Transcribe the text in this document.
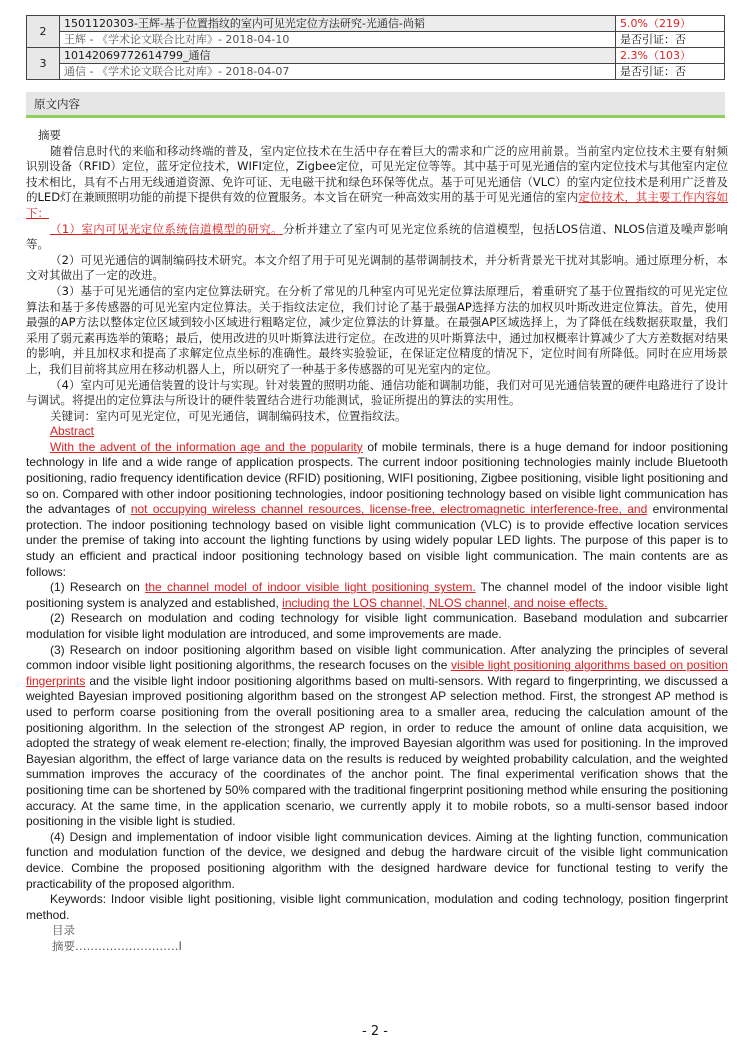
2	1501120303-王辉-基于位置指纹的室内可见光定位方法研究-光通信-尚韬	5.0%（219）
	王辉 - 《学术论文联合比对库》- 2018-04-10	是否引证：否
3	10142069772614799_通信	2.3%（103）
	通信 - 《学术论文联合比对库》- 2018-04-07	是否引证：否
原文内容

摘要

随着信息时代的来临和移动终端的普及，室内定位技术在生活中存在着巨大的需求和广泛的应用前景。当前室内定位技术主要有射频识别设备（RFID）定位，蓝牙定位技术，WIFI定位，Zigbee定位，可见光定位等等。其中基于可见光通信的室内定位技术与其他室内定位技术相比，具有不占用无线通道资源、免许可证、无电磁干扰和绿色环保等优点。基于可见光通信（VLC）的室内定位技术是利用广泛普及的LED灯在兼顾照明功能的前提下提供有效的位置服务。本文旨在研究一种高效实用的基于可见光通信的室内定位技术，其主要工作内容如下：

（1）室内可见光定位系统信道模型的研究。分析并建立了室内可见光定位系统的信道模型，包括LOS信道、NLOS信道及噪声影响等。

（2）可见光通信的调制编码技术研究。本文介绍了用于可见光调制的基带调制技术，并分析背景光干扰对其影响。通过原理分析，本文对其做出了一定的改进。

（3）基于可见光通信的室内定位算法研究。在分析了常见的几种室内可见光定位算法原理后，着重研究了基于位置指纹的可见光定位算法和基于多传感器的可见光室内定位算法。关于指纹法定位，我们讨论了基于最强AP选择方法的加权贝叶斯改进定位算法。首先，使用最强的AP方法以整体定位区域到较小区域进行粗略定位，减少定位算法的计算量。在最强AP区域选择上，为了降低在线数据获取量，我们采用了弱元素再选举的策略；最后，使用改进的贝叶斯算法进行定位。在改进的贝叶斯算法中，通过加权概率计算减少了大方差数据对结果的影响，并且加权求和提高了求解定位点坐标的准确性。最终实验验证，在保证定位精度的情况下，定位时间有所降低。同时在应用场景上，我们目前将其应用在移动机器人上，所以研究了一种基于多传感器的可见光室内的定位。

（4）室内可见光通信装置的设计与实现。针对装置的照明功能、通信功能和调制功能，我们对可见光通信装置的硬件电路进行了设计与调试。将提出的定位算法与所设计的硬件装置结合进行功能测试，验证所提出的算法的实用性。

关键词：室内可见光定位，可见光通信，调制编码技术，位置指纹法。

Abstract

With the advent of the information age and the popularity of mobile terminals, there is a huge demand for indoor positioning technology in life and a wide range of application prospects. The current indoor positioning technologies mainly include Bluetooth positioning, radio frequency identification device (RFID) positioning, WIFI positioning, Zigbee positioning, visible light positioning and so on. Compared with other indoor positioning technologies, indoor positioning technology based on visible light communication has the advantages of not occupying wireless channel resources, license-free, electromagnetic interference-free, and environmental protection. The indoor positioning technology based on visible light communication (VLC) is to provide effective location services under the premise of taking into account the lighting functions by using widely popular LED lights. The purpose of this paper is to study an efficient and practical indoor positioning technology based on visible light communication. The main contents are as follows:

(1) Research on the channel model of indoor visible light positioning system. The channel model of the indoor visible light positioning system is analyzed and established, including the LOS channel, NLOS channel, and noise effects.

(2) Research on modulation and coding technology for visible light communication. Baseband modulation and subcarrier modulation for visible light modulation are introduced, and some improvements are made.

(3) Research on indoor positioning algorithm based on visible light communication. After analyzing the principles of several common indoor visible light positioning algorithms, the research focuses on the visible light positioning algorithms based on position fingerprints and the visible light indoor positioning algorithms based on multi-sensors. With regard to fingerprinting, we discussed a weighted Bayesian improved positioning algorithm based on the strongest AP selection method. First, the strongest AP method is used to perform coarse positioning from the overall positioning area to a smaller area, reducing the calculation amount of the positioning algorithm. In the selection of the strongest AP region, in order to reduce the amount of online data acquisition, we adopted the strategy of weak element re-election; finally, the improved Bayesian algorithm was used for positioning. In the improved Bayesian algorithm, the effect of large variance data on the results is reduced by weighted probability calculation, and the weighted summation improves the accuracy of the coordinates of the anchor point. The final experimental verification shows that the positioning time can be shortened by 50% compared with the traditional fingerprint positioning method while ensuring the positioning accuracy. At the same time, in the application scenario, we currently apply it to mobile robots, so a multi-sensor based indoor positioning in the visible light is studied.

(4) Design and implementation of indoor visible light communication devices. Aiming at the lighting function, communication function and modulation function of the device, we designed and debug the hardware circuit of the visible light communication device. Combine the proposed positioning algorithm with the designed hardware device for functional testing to verify the practicability of the proposed algorithm.

Keywords: Indoor visible light positioning, visible light communication, modulation and coding technology, position fingerprint method.

目录

摘要………………………I

- 2 -
